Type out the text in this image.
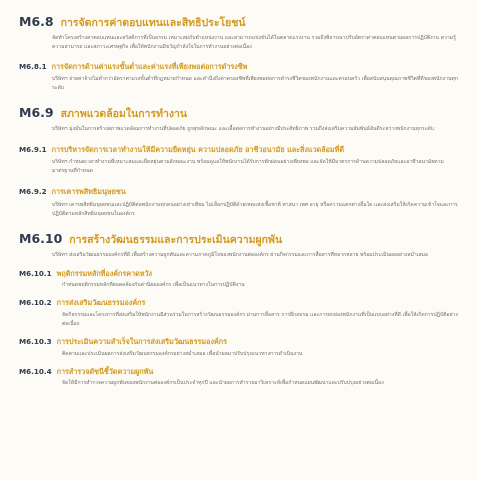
M6.8 การจัดการค่าตอบแทนและสิทธิประโยชน์

จัดทำโครงสร้างค่าตอบแทนและสวัสดิการที่เป็นธรรม เหมาะสมกับตำแหน่งงาน และสามารถแข่งขันได้ในตลาดแรงงาน รวมถึงพิจารณาปรับอัตราค่าตอบแทนตามผลการปฏิบัติงาน ความรู้ความสามารถ และสภาวะเศรษฐกิจ เพื่อให้พนักงานมีขวัญกำลังใจในการทำงานอย่างต่อเนื่อง

M6.8.1 การจัดการด้านค่าแรงขั้นต่ำและค่าแรงที่เพียงพอต่อการดำรงชีพ

บริษัทฯ จ่ายค่าจ้างไม่ต่ำกว่าอัตราค่าแรงขั้นต่ำที่กฎหมายกำหนด และคำนึงถึงค่าครองชีพที่เพียงพอต่อการดำรงชีวิตของพนักงานและครอบครัว เพื่อสนับสนุนคุณภาพชีวิตที่ดีของพนักงานทุกระดับ

M6.9 สภาพแวดล้อมในการทำงาน

บริษัทฯ มุ่งมั่นในการสร้างสภาพแวดล้อมการทำงานที่ปลอดภัย ถูกสุขลักษณะ และเอื้อต่อการทำงานอย่างมีประสิทธิภาพ รวมถึงส่งเสริมความสัมพันธ์อันดีระหว่างพนักงานทุกระดับ

M6.9.1 การบริหารจัดการเวลาทำงานให้มีความยืดหยุ่น ความปลอดภัย อาชีวอนามัย และสิ่งแวดล้อมที่ดี

บริษัทฯ กำหนดเวลาทำงานที่เหมาะสมและยืดหยุ่นตามลักษณะงาน พร้อมดูแลให้พนักงานได้รับการพักผ่อนอย่างเพียงพอ และจัดให้มีมาตรการด้านความปลอดภัยและอาชีวอนามัยตามมาตรฐานที่กำหนด

M6.9.2 การเคารพสิทธิมนุษยชน

บริษัทฯ เคารพสิทธิมนุษยชนและปฏิบัติต่อพนักงานทุกคนอย่างเท่าเทียม ไม่เลือกปฏิบัติด้วยเหตุแห่งเชื้อชาติ ศาสนา เพศ อายุ หรือความแตกต่างอื่นใด และส่งเสริมให้เกิดความเข้าใจและการปฏิบัติตามหลักสิทธิมนุษยชนในองค์กร

M6.10 การสร้างวัฒนธรรมและการประเมินความผูกพัน

บริษัทฯ ส่งเสริมวัฒนธรรมองค์กรที่ดี เพื่อสร้างความผูกพันและความภาคภูมิใจของพนักงานต่อองค์กร ผ่านกิจกรรมและการสื่อสารที่หลากหลาย พร้อมประเมินผลอย่างสม่ำเสมอ

M6.10.1 พฤติกรรมหลักที่องค์กรคาดหวัง

กำหนดพฤติกรรมหลักที่สอดคล้องกับค่านิยมองค์กร เพื่อเป็นแนวทางในการปฏิบัติงาน

M6.10.2 การส่งเสริมวัฒนธรรมองค์กร

จัดกิจกรรมและโครงการที่ส่งเสริมให้พนักงานมีส่วนร่วมในการสร้างวัฒนธรรมองค์กร ผ่านการสื่อสาร การฝึกอบรม และการยกย่องพนักงานที่เป็นแบบอย่างที่ดี เพื่อให้เกิดการปฏิบัติอย่างต่อเนื่อง

M6.10.3 การประเมินความสำเร็จในการส่งเสริมวัฒนธรรมองค์กร

ติดตามและประเมินผลการส่งเสริมวัฒนธรรมองค์กรอย่างสม่ำเสมอ เพื่อนำผลมาปรับปรุงแนวทางการดำเนินงาน

M6.10.4 การสำรวจดัชนีชี้วัดความผูกพัน

จัดให้มีการสำรวจความผูกพันของพนักงานต่อองค์กรเป็นประจำทุกปี และนำผลการสำรวจมาวิเคราะห์เพื่อกำหนดแผนพัฒนาและปรับปรุงอย่างต่อเนื่อง
